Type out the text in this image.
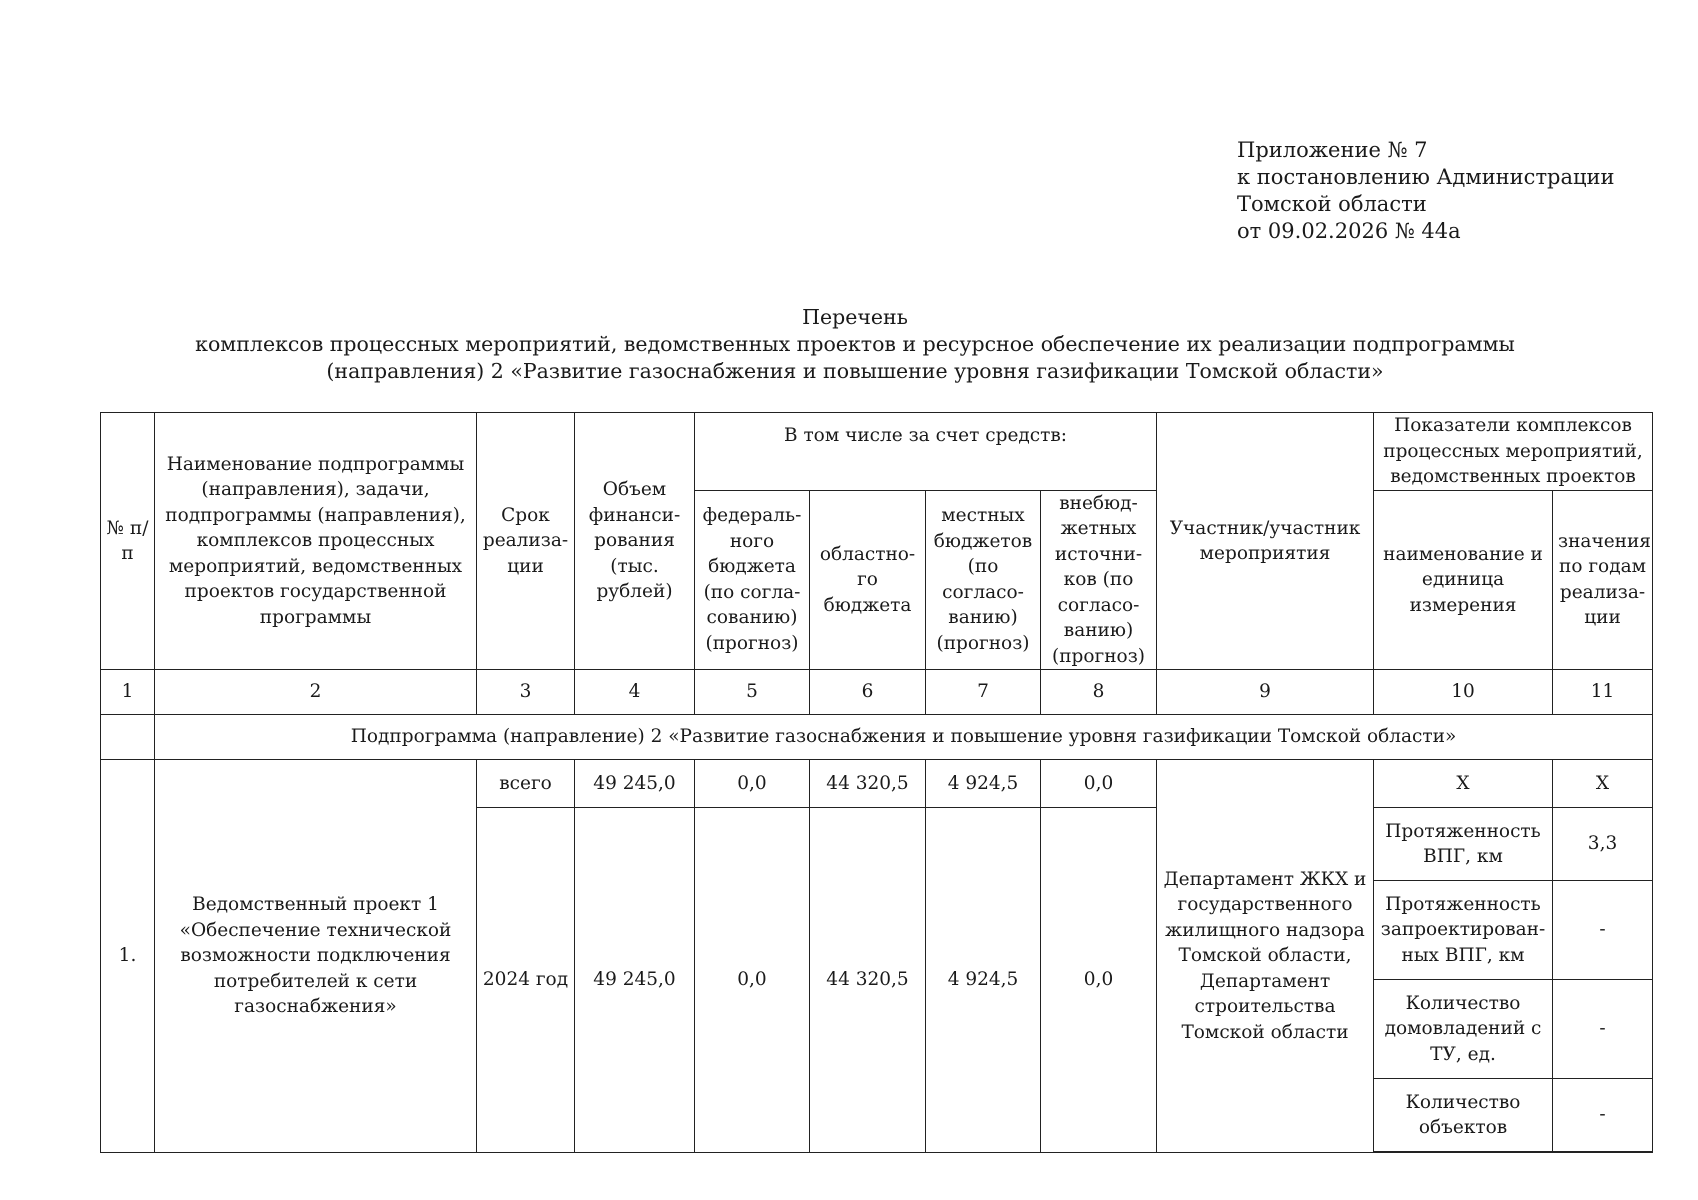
Приложение № 7
к постановлению Администрации
Томской области
от 09.02.2026 № 44а
Перечень
комплексов процессных мероприятий, ведомственных проектов и ресурсное обеспечение их реализации подпрограммы
(направления) 2 «Развитие газоснабжения и повышение уровня газификации Томской области»
№ п/п	Наименование подпрограммы (направления), задачи, подпрограммы (направления), комплексов процессных мероприятий, ведомственных проектов государственной программы	Срок реализа-ции	Объем финанси-рования (тыс. рублей)	В том числе за счет средств:				Участник/участник мероприятия	Показатели комплексов процессных мероприятий, ведомственных проектов	
				федераль-ного бюджета (по согла-сованию) (прогноз)	областно-го бюджета	местных бюджетов (по согласо-ванию) (прогноз)	внебюд-жетных источни-ков (по согласо-ванию) (прогноз)		наименование и единица измерения	значения по годам реализа-ции
1	2	3	4	5	6	7	8	9	10	11
	Подпрограмма (направление) 2 «Развитие газоснабжения и повышение уровня газификации Томской области»									
1.	Ведомственный проект 1 «Обеспечение технической возможности подключения потребителей к сети газоснабжения»	всего	49 245,0	0,0	44 320,5	4 924,5	0,0	Департамент ЖКХ и государственного жилищного надзора Томской области, Департамент строительства Томской области	Х	Х
		2024 год	49 245,0	0,0	44 320,5	4 924,5	0,0		Протяженность ВПГ, км	3,3
									Протяженность запроектирован-ных ВПГ, км	-
									Количество домовладений с ТУ, ед.	-
									Количество объектов	-
